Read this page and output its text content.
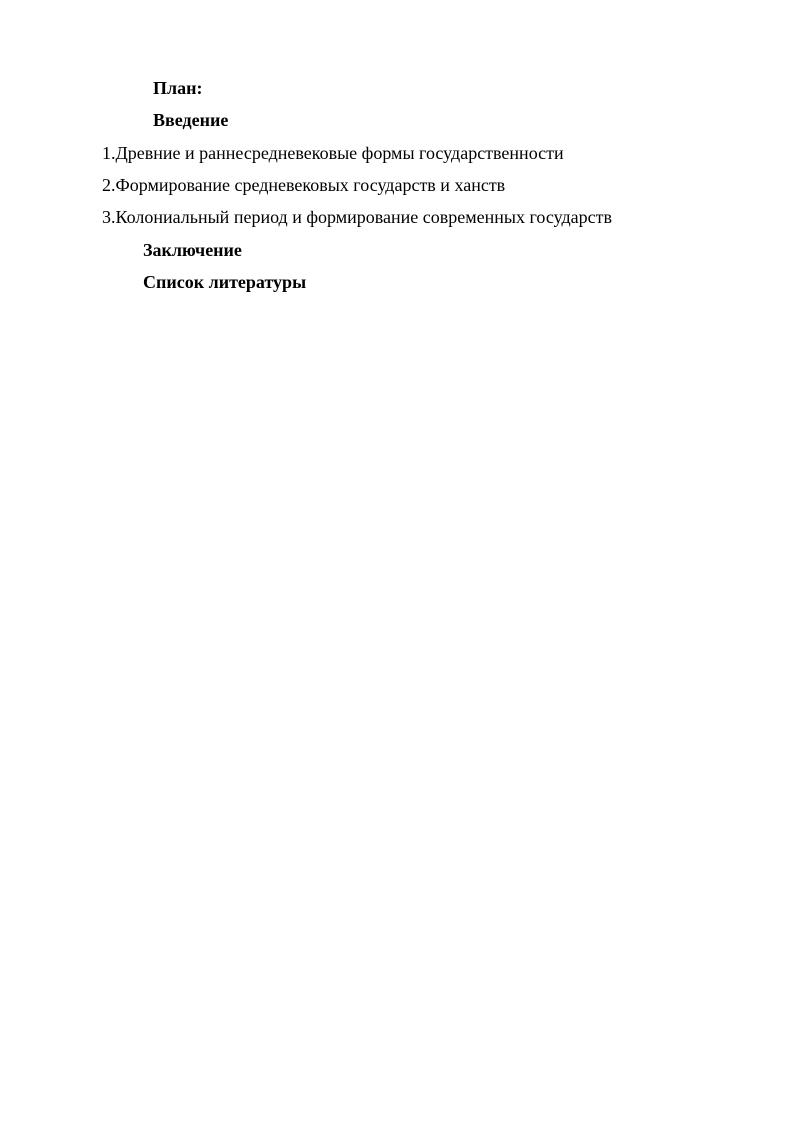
План:
Введение
1.Древние и раннесредневековые формы государственности
2.Формирование средневековых государств и ханств
3.Колониальный период и формирование современных государств
Заключение
Список литературы
